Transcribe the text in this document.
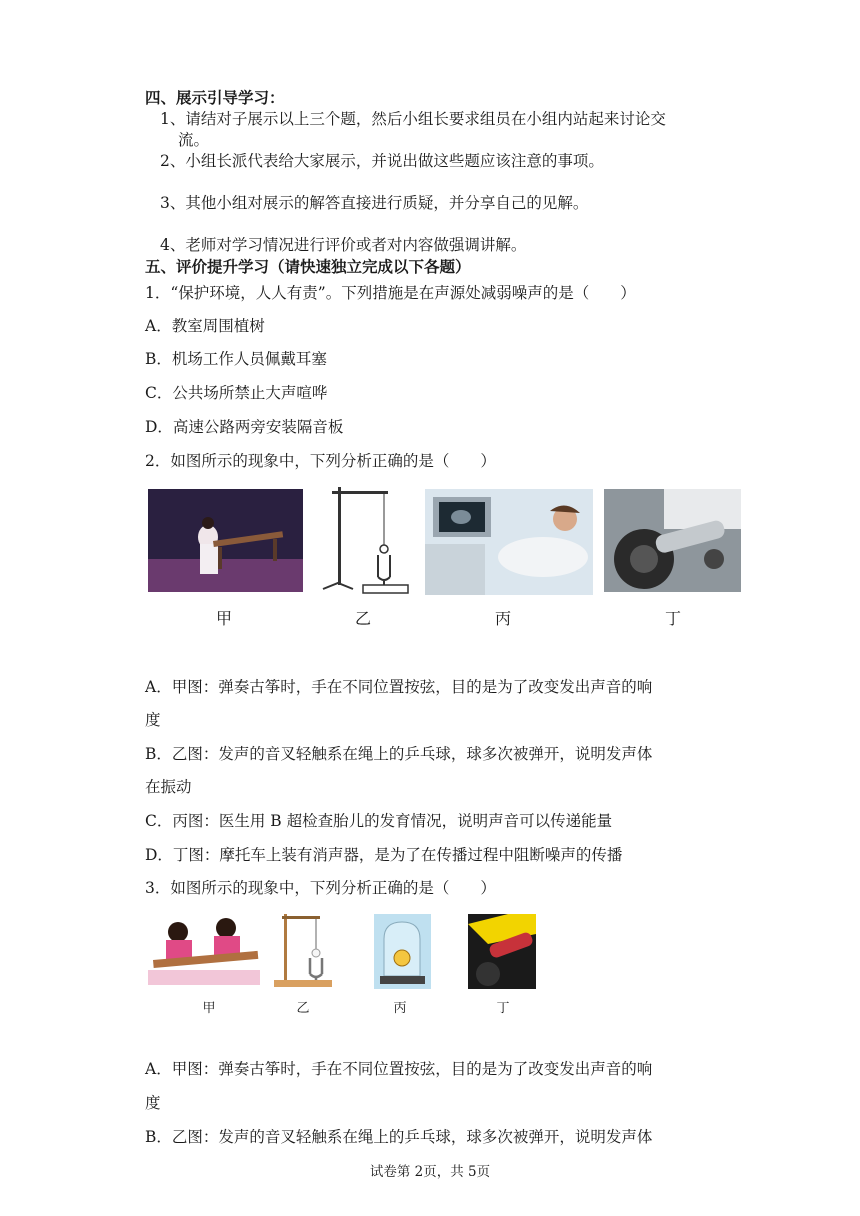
四、展示引导学习：
1、请结对子展示以上三个题，然后小组长要求组员在小组内站起来讨论交
流。
2、小组长派代表给大家展示，并说出做这些题应该注意的事项。
3、其他小组对展示的解答直接进行质疑，并分享自己的见解。
4、老师对学习情况进行评价或者对内容做强调讲解。
五、评价提升学习（请快速独立完成以下各题）
1．“保护环境，人人有责”。下列措施是在声源处减弱噪声的是（　　）
A．教室周围植树
B．机场工作人员佩戴耳塞
C．公共场所禁止大声喧哗
D．高速公路两旁安装隔音板
2．如图所示的现象中，下列分析正确的是（　　）
甲	乙	丙	丁
A．甲图：弹奏古筝时，手在不同位置按弦，目的是为了改变发出声音的响
度
B．乙图：发声的音叉轻触系在绳上的乒乓球，球多次被弹开，说明发声体
在振动
C．丙图：医生用 B 超检查胎儿的发育情况，说明声音可以传递能量
D．丁图：摩托车上装有消声器，是为了在传播过程中阻断噪声的传播
3．如图所示的现象中，下列分析正确的是（　　）
甲	乙	丙	丁
A．甲图：弹奏古筝时，手在不同位置按弦，目的是为了改变发出声音的响
度
B．乙图：发声的音叉轻触系在绳上的乒乓球，球多次被弹开，说明发声体
试卷第 2页，共 5页
